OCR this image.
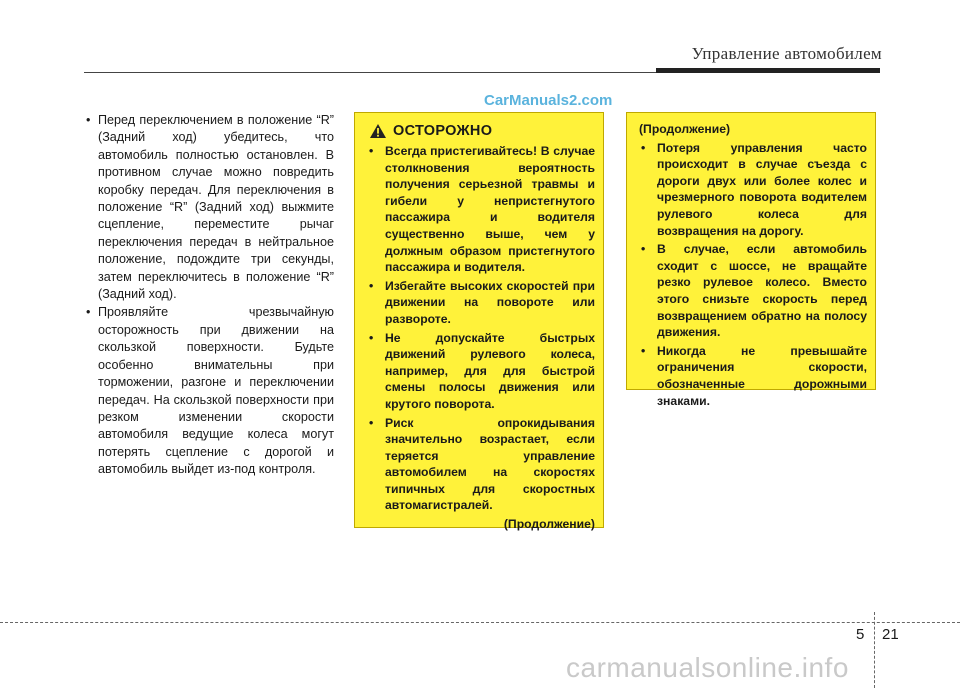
Управление автомобилем
CarManuals2.com

• Перед переключением в положение “R” (Задний ход) убедитесь, что автомобиль полностью остановлен. В противном случае можно повредить коробку передач. Для переключения в положение “R” (Задний ход) выжмите сцепление, переместите рычаг переключения передач в нейтральное положение, подождите три секунды, затем переключитесь в положение “R” (Задний ход).

• Проявляйте чрезвычайную осторожность при движении на скользкой поверхности. Будьте особенно внимательны при торможении, разгоне и переключении передач. На скользкой поверхности при резком изменении скорости автомобиля ведущие колеса могут потерять сцепление с дорогой и автомобиль выйдет из-под контроля.

ОСТОРОЖНО

• Всегда пристегивайтесь! В случае столкновения вероятность получения серьезной травмы и гибели у непристегнутого пассажира и водителя существенно выше, чем у должным образом пристегнутого пассажира и водителя.

• Избегайте высоких скоростей при движении на повороте или развороте.

• Не допускайте быстрых движений рулевого колеса, например, для для быстрой смены полосы движения или крутого поворота.

• Риск опрокидывания значительно возрастает, если теряется управление автомобилем на скоростях типичных для скоростных автомагистралей.

(Продолжение)
(Продолжение)

• Потеря управления часто происходит в случае съезда с дороги двух или более колес и чрезмерного поворота водителем рулевого колеса для возвращения на дорогу.

• В случае, если автомобиль сходит с шоссе, не вращайте резко рулевое колесо. Вместо этого снизьте скорость перед возвращением обратно на полосу движения.

• Никогда не превышайте ограничения скорости, обозначенные дорожными знаками.

5 21
carmanualsonline.info
